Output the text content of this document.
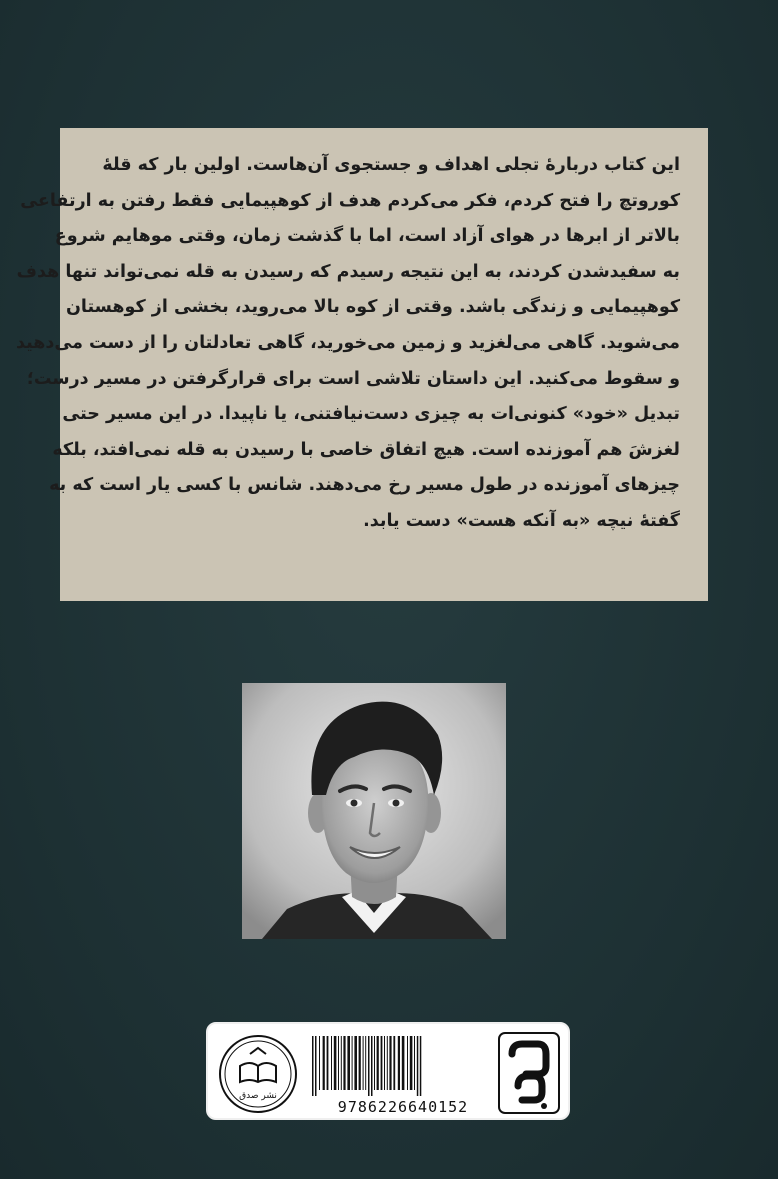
این کتاب دربارهٔ تجلی اهداف و جستجوی آن‌هاست. اولین بار که قلهٔ
کوروتچ را فتح کردم، فکر می‌کردم هدف از کوهپیمایی فقط رفتن به ارتفاعی
بالاتر از ابرها در هوای آزاد است، اما با گذشت زمان، وقتی موهایم شروع
به سفیدشدن کردند، به این نتیجه رسیدم که رسیدن به قله نمی‌تواند تنها هدف
کوهپیمایی و زندگی باشد. وقتی از کوه بالا می‌روید، بخشی از کوهستان
می‌شوید. گاهی می‌لغزید و زمین می‌خورید، گاهی تعادلتان را از دست می‌دهید
و سقوط می‌کنید. این داستان تلاشی است برای قرارگرفتن در مسیر درست؛
تبدیل «خود» کنونی‌ات به چیزی دست‌نیافتنی، یا ناپیدا. در این مسیر حتی
لغزشَ هم آموزنده است. هیچ اتفاق خاصی با رسیدن به قله نمی‌افتد، بلکه
چیزهای آموزنده در طول مسیر رخ می‌دهند. شانس با کسی یار است که به
گفتهٔ نیچه «به آنکه هست» دست یابد.

نشر صدق
9786226640152
